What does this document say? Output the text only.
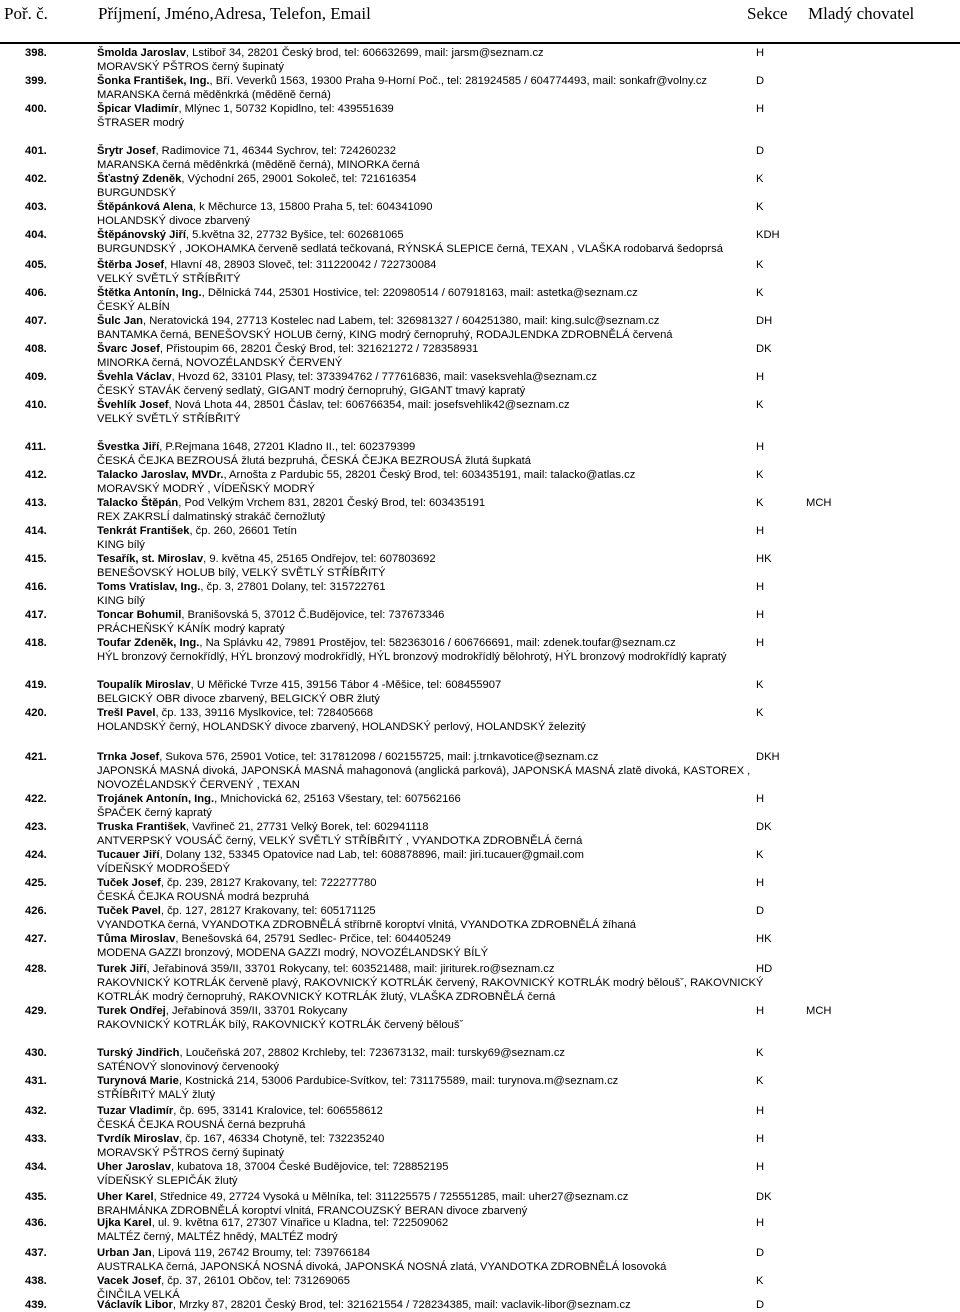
Poř. č.	Příjmení, Jméno,Adresa, Telefon, Email	Sekce Mladý chovatel
398.	Šmolda Jaroslav, Lstiboř 34, 28201 Český brod, tel: 606632699, mail: jarsm@seznam.cz	H
MORAVSKÝ PŠTROS černý šupinatý
399.	Šonka František, Ing., Bří. Veverků 1563, 19300 Praha 9-Horní Poč., tel: 281924585 / 604774493, mail: sonkafr@volny.cz	D
MARANSKA černá měděnkrká (měděně černá)
400.	Špicar Vladimír, Mlýnec 1, 50732 Kopidlno, tel: 439551639	H
ŠTRASER modrý
401.	Šrytr Josef, Radimovice 71, 46344 Sychrov, tel: 724260232	D
MARANSKA černá měděnkrká (měděně černá), MINORKA černá
402.	Šťastný Zdeněk, Východní 265, 29001 Sokoleč, tel: 721616354	K
BURGUNDSKÝ
403.	Štěpánková Alena, k Měchurce 13, 15800 Praha 5, tel: 604341090	K
HOLANDSKÝ divoce zbarvený
404.	Štěpánovský Jiří, 5.května 32, 27732 Byšice, tel: 602681065	KDH
BURGUNDSKÝ , JOKOHAMKA červeně sedlatá tečkovaná, RÝNSKÁ SLEPICE černá, TEXAN , VLAŠKA rodobarvá šedoprsá
405.	Štěrba Josef, Hlavní 48, 28903 Sloveč, tel: 311220042 / 722730084	K
VELKÝ SVĚTLÝ STŘÍBŘITÝ
406.	Štětka Antonín, Ing., Dělnická 744, 25301 Hostivice, tel: 220980514 / 607918163, mail: astetka@seznam.cz	K
ČESKÝ ALBÍN
407.	Šulc Jan, Neratovická 194, 27713 Kostelec nad Labem, tel: 326981327 / 604251380, mail: king.sulc@seznam.cz	DH
BANTAMKA černá, BENEŠOVSKÝ HOLUB černý, KING modrý černopruhý, RODAJLENDKA ZDROBNĚLÁ červená
408.	Švarc Josef, Přistoupim 66, 28201 Český Brod, tel: 321621272 / 728358931	DK
MINORKA černá, NOVOZÉLANDSKÝ ČERVENÝ
409.	Švehla Václav, Hvozd 62, 33101 Plasy, tel: 373394762 / 777616836, mail: vaseksvehla@seznam.cz	H
ČESKÝ STAVÁK červený sedlatý, GIGANT modrý černopruhý, GIGANT tmavý kapratý
410.	Švehlík Josef, Nová Lhota 44, 28501 Čáslav, tel: 606766354, mail: josefsvehlik42@seznam.cz	K
VELKÝ SVĚTLÝ STŘÍBŘITÝ
411.	Švestka Jiří, P.Rejmana 1648, 27201 Kladno II., tel: 602379399	H
ČESKÁ ČEJKA BEZROUSÁ žlutá bezpruhá, ČESKÁ ČEJKA BEZROUSÁ žlutá šupkatá
412.	Talacko Jaroslav, MVDr., Arnošta z Pardubic 55, 28201 Český Brod, tel: 603435191, mail: talacko@atlas.cz	K
MORAVSKÝ MODRÝ , VÍDEŇSKÝ MODRÝ
413.	Talacko Štěpán, Pod Velkým Vrchem 831, 28201 Český Brod, tel: 603435191	K	MCH
REX ZAKRSLÍ dalmatinský strakáč černožlutý
414.	Tenkrát František, čp. 260, 26601 Tetín	H
KING bílý
415.	Tesařík, st. Miroslav, 9. května 45, 25165 Ondřejov, tel: 607803692	HK
BENEŠOVSKÝ HOLUB bílý, VELKÝ SVĚTLÝ STŘÍBŘITÝ
416.	Toms Vratislav, Ing., čp. 3, 27801 Dolany, tel: 315722761	H
KING bílý
417.	Toncar Bohumil, Branišovská 5, 37012 Č.Budějovice, tel: 737673346	H
PRÁCHEŇSKÝ KÁNÍK modrý kapratý
418.	Toufar Zdeněk, Ing., Na Splávku 42, 79891 Prostějov, tel: 582363016 / 606766691, mail: zdenek.toufar@seznam.cz	H
HÝL bronzový černokřídlý, HÝL bronzový modrokřídlý, HÝL bronzový modrokřídlý bělohrotý, HÝL bronzový modrokřídlý kapratý
419.	Toupalík Miroslav, U Měřické Tvrze 415, 39156 Tábor 4 -Měšice, tel: 608455907	K
BELGICKÝ OBR divoce zbarvený, BELGICKÝ OBR žlutý
420.	Trešl Pavel, čp. 133, 39116 Myslkovice, tel: 728405668	K
HOLANDSKÝ černý, HOLANDSKÝ divoce zbarvený, HOLANDSKÝ perlový, HOLANDSKÝ železitý
421.	Trnka Josef, Sukova 576, 25901 Votice, tel: 317812098 / 602155725, mail: j.trnkavotice@seznam.cz	DKH
JAPONSKÁ MASNÁ divoká, JAPONSKÁ MASNÁ mahagonová (anglická parková), JAPONSKÁ MASNÁ zlatě divoká, KASTOREX , NOVOZÉLANDSKÝ ČERVENÝ , TEXAN
422.	Trojánek Antonín, Ing., Mnichovická 62, 25163 Všestary, tel: 607562166	H
ŠPAČEK černý kapratý
423.	Truska František, Vavřineč 21, 27731 Velký Borek, tel: 602941118	DK
ANTVERPSKÝ VOUSÁČ černý, VELKÝ SVĚTLÝ STŘÍBŘITÝ , VYANDOTKA ZDROBNĚLÁ černá
424.	Tucauer Jiří, Dolany 132, 53345 Opatovice nad Lab, tel: 608878896, mail: jiri.tucauer@gmail.com	K
VÍDEŇSKÝ MODROŠEDÝ
425.	Tuček Josef, čp. 239, 28127 Krakovany, tel: 722277780	H
ČESKÁ ČEJKA ROUSNÁ modrá bezpruhá
426.	Tuček Pavel, čp. 127, 28127 Krakovany, tel: 605171125	D
VYANDOTKA černá, VYANDOTKA ZDROBNĚLÁ stříbrně koroptví vlnitá, VYANDOTKA ZDROBNĚLÁ žíhaná
427.	Tůma Miroslav, Benešovská 64, 25791 Sedlec- Prčice, tel: 604405249	HK
MODENA GAZZI bronzový, MODENA GAZZI modrý, NOVOZÉLANDSKÝ BÍLÝ
428.	Turek Jiří, Jeřabinová 359/II, 33701 Rokycany, tel: 603521488, mail: jiriturek.ro@seznam.cz	HD
RAKOVNICKÝ KOTRLÁK červeně plavý, RAKOVNICKÝ KOTRLÁK červený, RAKOVNICKÝ KOTRLÁK modrý běloušˇ, RAKOVNICKÝ KOTRLÁK modrý černopruhý, RAKOVNICKÝ KOTRLÁK žlutý, VLAŠKA ZDROBNĚLÁ černá
429.	Turek Ondřej, Jeřabinová 359/II, 33701 Rokycany	H	MCH
RAKOVNICKÝ KOTRLÁK bílý, RAKOVNICKÝ KOTRLÁK červený běloušˇ
430.	Turský Jindřich, Loučeňská 207, 28802 Krchleby, tel: 723673132, mail: tursky69@seznam.cz	K
SATÉNOVÝ slonovinový červenooký
431.	Turynová Marie, Kostnická 214, 53006 Pardubice-Svítkov, tel: 731175589, mail: turynova.m@seznam.cz	K
STŘÍBŘITÝ MALÝ žlutý
432.	Tuzar Vladimír, čp. 695, 33141 Kralovice, tel: 606558612	H
ČESKÁ ČEJKA ROUSNÁ černá bezpruhá
433.	Tvrdík Miroslav, čp. 167, 46334 Chotyně, tel: 732235240	H
MORAVSKÝ PŠTROS černý šupinatý
434.	Uher Jaroslav, kubatova 18, 37004 České Budějovice, tel: 728852195	H
VÍDEŇSKÝ SLEPIČÁK žlutý
435.	Uher Karel, Střednice 49, 27724 Vysoká u Mělníka, tel: 311225575 / 725551285, mail: uher27@seznam.cz	DK
BRAHMÁNKA ZDROBNĚLÁ koroptví vlnitá, FRANCOUZSKÝ BERAN divoce zbarvený
436.	Ujka Karel, ul. 9. května 617, 27307 Vinařice u Kladna, tel: 722509062	H
MALTÉZ černý, MALTÉZ hnědý, MALTÉZ modrý
437.	Urban Jan, Lipová 119, 26742 Broumy, tel: 739766184	D
AUSTRALKA černá, JAPONSKÁ NOSNÁ divoká, JAPONSKÁ NOSNÁ zlatá, VYANDOTKA ZDROBNĚLÁ losovo​ká
438.	Vacek Josef, čp. 37, 26101 Občov, tel: 731269065	K
ČINČILA VELKÁ
439.	Václavík Libor, Mrzky 87, 28201 Český Brod, tel: 321621554 / 728234385, mail: vaclavik-libor@seznam.cz	D
